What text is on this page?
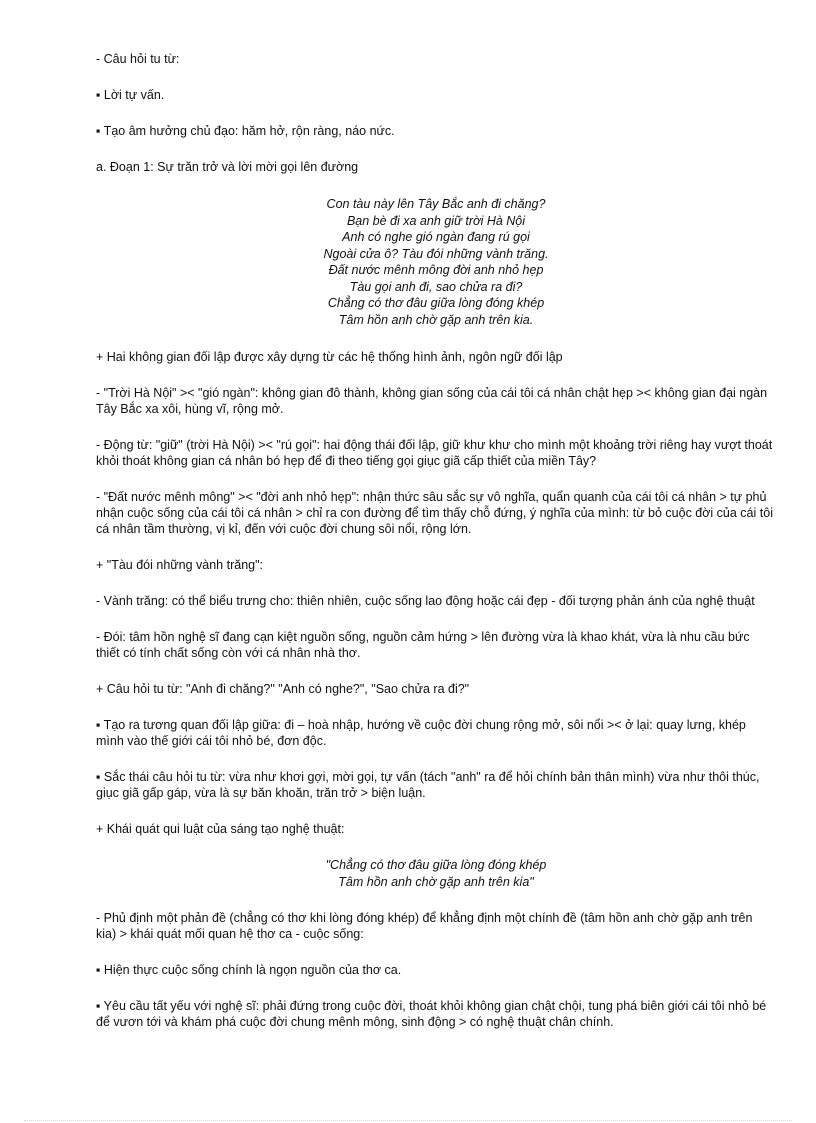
- Câu hỏi tu từ:

▪ Lời tự vấn.

▪ Tạo âm hưởng chủ đạo: hăm hở, rộn ràng, náo nức.

a. Đoạn 1: Sự trăn trở và lời mời gọi lên đường

Con tàu này lên Tây Bắc anh đi chăng?
Bạn bè đi xa anh giữ trời Hà Nội
Anh có nghe gió ngàn đang rú gọi
Ngoài cửa ô? Tàu đói những vành trăng.
Đất nước mênh mông đời anh nhỏ hẹp
Tàu gọi anh đi, sao chửa ra đi?
Chẳng có thơ đâu giữa lòng đóng khép
Tâm hồn anh chờ gặp anh trên kia.

+ Hai không gian đối lập được xây dựng từ các hệ thống hình ảnh, ngôn ngữ đối lập

- "Trời Hà Nội" >< "gió ngàn": không gian đô thành, không gian sống của cái tôi cá nhân chật hẹp >< không gian đại ngàn Tây Bắc xa xôi, hùng vĩ, rộng mở.

- Động từ: "giữ" (trời Hà Nội) >< "rú gọi": hai động thái đối lập, giữ khư khư cho mình một khoảng trời riêng hay vượt thoát khỏi thoát không gian cá nhân bó hẹp để đi theo tiếng gọi giục giã cấp thiết của miền Tây?

- "Đất nước mênh mông" >< "đời anh nhỏ hẹp": nhận thức sâu sắc sự vô nghĩa, quẩn quanh của cái tôi cá nhân > tự phủ nhận cuộc sống của cái tôi cá nhân > chỉ ra con đường để tìm thấy chỗ đứng, ý nghĩa của mình: từ bỏ cuộc đời của cái tôi cá nhân tầm thường, vị kỉ, đến với cuộc đời chung sôi nổi, rộng lớn.

+ "Tàu đói những vành trăng":

- Vành trăng: có thể biểu trưng cho: thiên nhiên, cuộc sống lao động hoặc cái đẹp - đối tượng phản ánh của nghệ thuật

- Đói: tâm hồn nghệ sĩ đang cạn kiệt nguồn sống, nguồn cảm hứng > lên đường vừa là khao khát, vừa là nhu cầu bức thiết có tính chất sống còn với cá nhân nhà thơ.

+ Câu hỏi tu từ: "Anh đi chăng?" "Anh có nghe?", "Sao chửa ra đi?"

▪ Tạo ra tương quan đối lập giữa: đi – hoà nhập, hướng về cuộc đời chung rộng mở, sôi nổi >< ở lại: quay lưng, khép mình vào thế giới cái tôi nhỏ bé, đơn độc.

▪ Sắc thái câu hỏi tu từ: vừa như khơi gợi, mời gọi, tự vấn (tách "anh" ra để hỏi chính bản thân mình) vừa như thôi thúc, giục giã gấp gáp, vừa là sự băn khoăn, trăn trở > biện luận.

+ Khái quát qui luật của sáng tạo nghệ thuật:

"Chẳng có thơ đâu giữa lòng đóng khép
Tâm hồn anh chờ gặp anh trên kia"

- Phủ định một phản đề (chẳng có thơ khi lòng đóng khép) để khẳng định một chính đề (tâm hồn anh chờ gặp anh trên kia) > khái quát mối quan hệ thơ ca - cuộc sống:

▪ Hiện thực cuộc sống chính là ngọn nguồn của thơ ca.

▪ Yêu cầu tất yếu với nghệ sĩ: phải đứng trong cuộc đời, thoát khỏi không gian chật chội, tung phá biên giới cái tôi nhỏ bé để vươn tới và khám phá cuộc đời chung mênh mông, sinh động > có nghệ thuật chân chính.
